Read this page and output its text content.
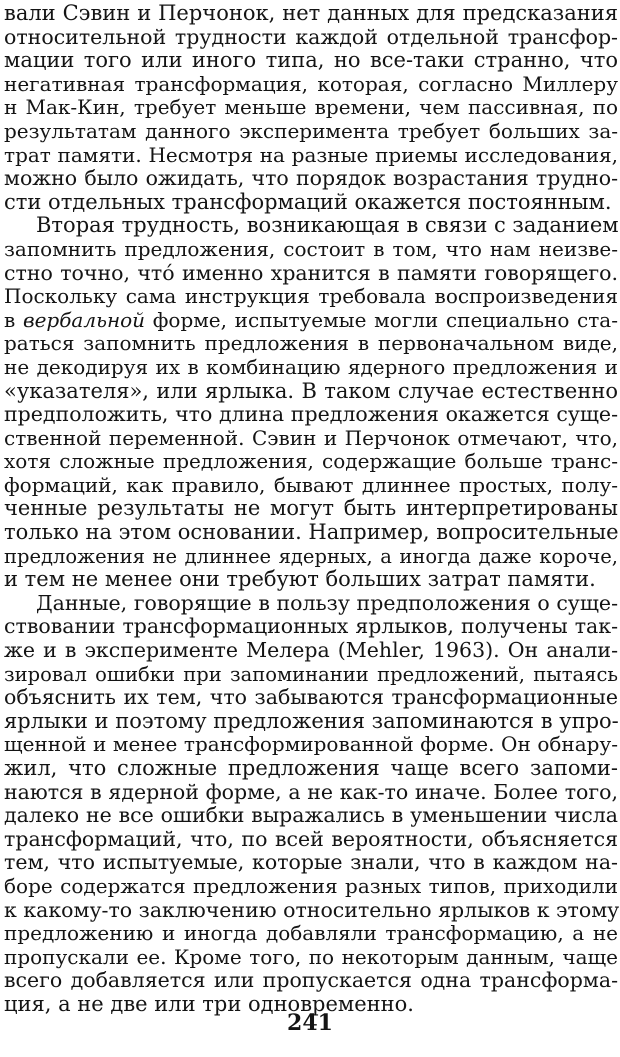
вали Сэвин и Перчонок, нет данных для предсказания
относительной трудности каждой отдельной трансфор-
мации того или иного типа, но все-таки странно, что
негативная трансформация, которая, согласно Миллеру
н Мак-Кин, требует меньше времени, чем пассивная, по
результатам данного эксперимента требует больших за-
трат памяти. Несмотря на разные приемы исследования,
можно было ожидать, что порядок возрастания трудно-
сти отдельных трансформаций окажется постоянным.
Вторая трудность, возникающая в связи с заданием
запомнить предложения, состоит в том, что нам неизве-
стно точно, что́ именно хранится в памяти говорящего.
Поскольку сама инструкция требовала воспроизведения
в вербальной форме, испытуемые могли специально ста-
раться запомнить предложения в первоначальном виде,
не декодируя их в комбинацию ядерного предложения и
«указателя», или ярлыка. В таком случае естественно
предположить, что длина предложения окажется суще-
ственной переменной. Сэвин и Перчонок отмечают, что,
хотя сложные предложения, содержащие больше транс-
формаций, как правило, бывают длиннее простых, полу-
ченные результаты не могут быть интерпретированы
только на этом основании. Например, вопросительные
предложения не длиннее ядерных, а иногда даже короче,
и тем не менее они требуют больших затрат памяти.
Данные, говорящие в пользу предположения о суще-
ствовании трансформационных ярлыков, получены так-
же и в эксперименте Мелера (Mehler, 1963). Он анали-
зировал ошибки при запоминании предложений, пытаясь
объяснить их тем, что забываются трансформационные
ярлыки и поэтому предложения запоминаются в упро-
щенной и менее трансформированной форме. Он обнару-
жил, что сложные предложения чаще всего запоми-
наются в ядерной форме, а не как-то иначе. Более того,
далеко не все ошибки выражались в уменьшении числа
трансформаций, что, по всей вероятности, объясняется
тем, что испытуемые, которые знали, что в каждом на-
боре содержатся предложения разных типов, приходили
к какому-то заключению относительно ярлыков к этому
предложению и иногда добавляли трансформацию, а не
пропускали ее. Кроме того, по некоторым данным, чаще
всего добавляется или пропускается одна трансформа-
ция, а не две или три одновременно.
241
